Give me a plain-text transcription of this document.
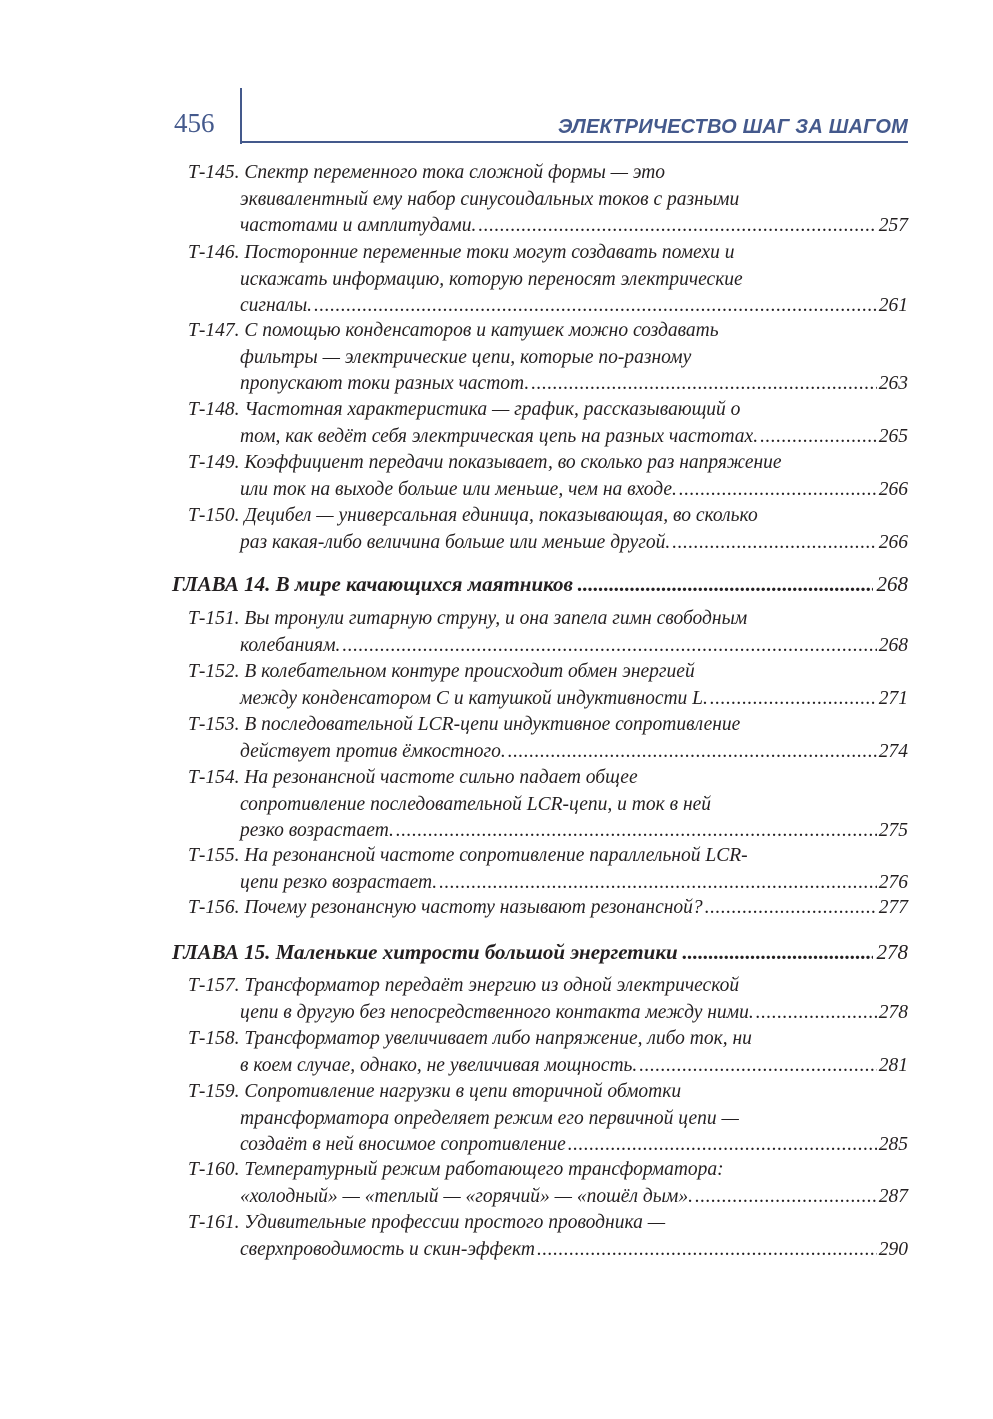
456	ЭЛЕКТРИЧЕСТВО ШАГ ЗА ШАГОМ
Т-145. Спектр переменного тока сложной формы — это
эквивалентный ему набор синусоидальных токов с разными
частотами и амплитудами. .....	257
Т-146. Посторонние переменные токи могут создавать помехи и
искажать информацию, которую переносят электрические
сигналы. .....	261
Т-147. С помощью конденсаторов и катушек можно создавать
фильтры — электрические цепи, которые по-разному
пропускают токи разных частот. .....	263
Т-148. Частотная характеристика — график, рассказывающий о
том, как ведёт себя электрическая цепь на разных частотах. .....	265
Т-149. Коэффициент передачи показывает, во сколько раз напряжение
или ток на выходе больше или меньше, чем на входе. .....	266
Т-150. Децибел — универсальная единица, показывающая, во сколько
раз какая-либо величина больше или меньше другой. .....	266
ГЛАВА 14. В мире качающихся маятников .....	268
Т-151. Вы тронули гитарную струну, и она запела гимн свободным
колебаниям. .....	268
Т-152. В колебательном контуре происходит обмен энергией
между конденсатором С и катушкой индуктивности L. .....	271
Т-153. В последовательной LCR-цепи индуктивное сопротивление
действует против ёмкостного. .....	274
Т-154. На резонансной частоте сильно падает общее
сопротивление последовательной LCR-цепи, и ток в ней
резко возрастает. .....	275
Т-155. На резонансной частоте сопротивление параллельной LCR-
цепи резко возрастает. .....	276
Т-156. Почему резонансную частоту называют резонансной? .....	277
ГЛАВА 15. Маленькие хитрости большой энергетики .....	278
Т-157. Трансформатор передаёт энергию из одной электрической
цепи в другую без непосредственного контакта между ними. .....	278
Т-158. Трансформатор увеличивает либо напряжение, либо ток, ни
в коем случае, однако, не увеличивая мощность. .....	281
Т-159. Сопротивление нагрузки в цепи вторичной обмотки
трансформатора определяет режим его первичной цепи —
создаёт в ней вносимое сопротивление .....	285
Т-160. Температурный режим работающего трансформатора:
«холодный» — «теплый — «горячий» — «пошёл дым». .....	287
Т-161. Удивительные профессии простого проводника —
сверхпроводимость и скин-эффект .....	290
